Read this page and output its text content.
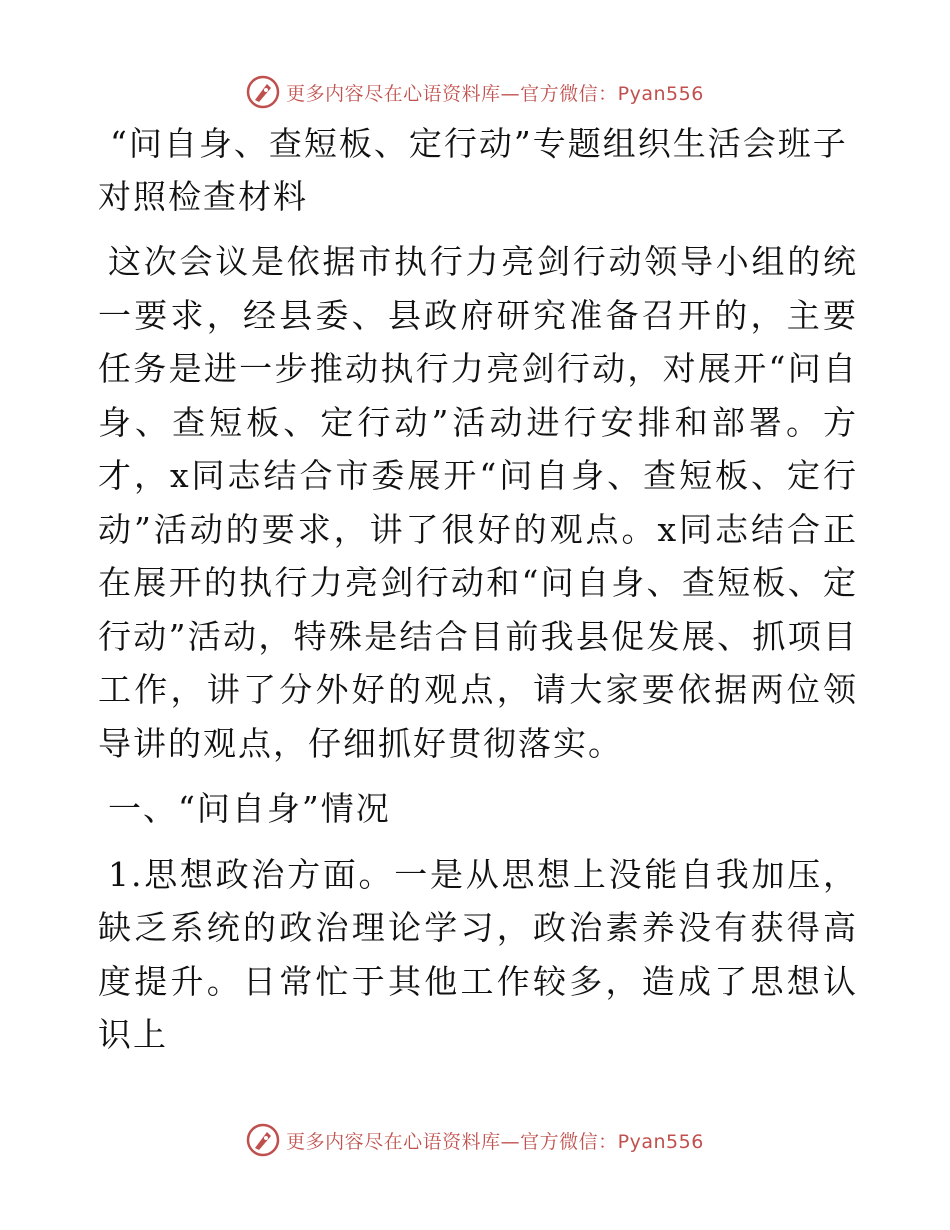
更多内容尽在心语资料库—官方微信：Pyan556
“问自身、查短板、定行动”专题组织生活会班子对照检查材料

这次会议是依据市执行力亮剑行动领导小组的统一要求，经县委、县政府研究准备召开的，主要任务是进一步推动执行力亮剑行动，对展开“问自身、查短板、定行动”活动进行安排和部署。方才，x同志结合市委展开“问自身、查短板、定行动”活动的要求，讲了很好的观点。x同志结合正在展开的执行力亮剑行动和“问自身、查短板、定行动”活动，特殊是结合目前我县促发展、抓项目工作，讲了分外好的观点，请大家要依据两位领导讲的观点，仔细抓好贯彻落实。

一、“问自身”情况

1.思想政治方面。一是从思想上没能自我加压，缺乏系统的政治理论学习，政治素养没有获得高度提升。日常忙于其他工作较多，造成了思想认识上

更多内容尽在心语资料库—官方微信：Pyan556
